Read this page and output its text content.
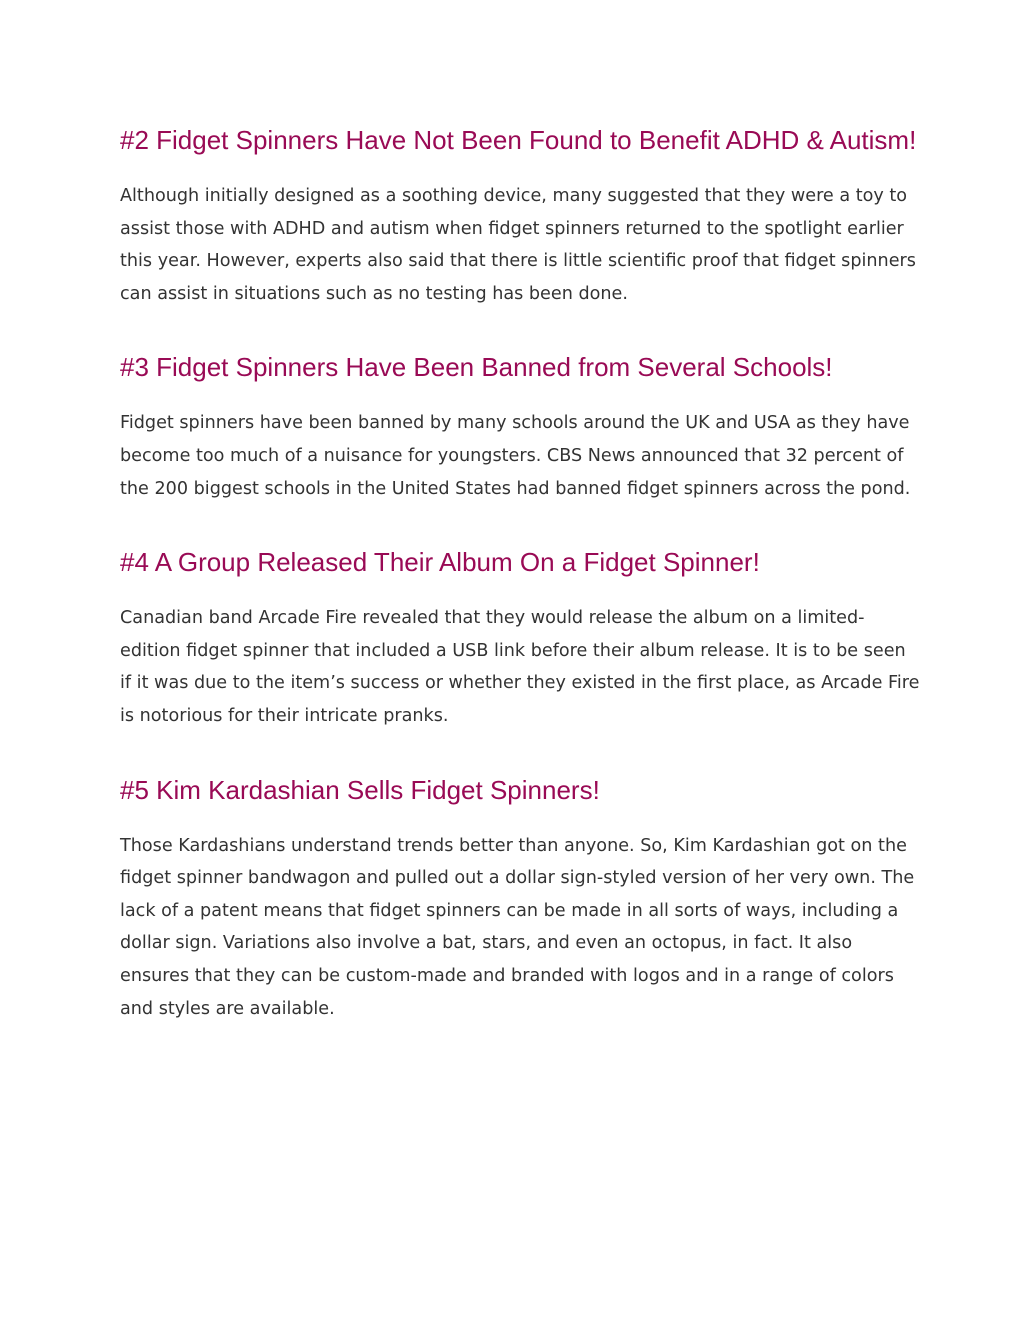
#2 Fidget Spinners Have Not Been Found to Benefit ADHD & Autism!

Although initially designed as a soothing device, many suggested that they were a toy to assist those with ADHD and autism when fidget spinners returned to the spotlight earlier this year. However, experts also said that there is little scientific proof that fidget spinners can assist in situations such as no testing has been done.

#3 Fidget Spinners Have Been Banned from Several Schools!

Fidget spinners have been banned by many schools around the UK and USA as they have become too much of a nuisance for youngsters. CBS News announced that 32 percent of the 200 biggest schools in the United States had banned fidget spinners across the pond.

#4 A Group Released Their Album On a Fidget Spinner!

Canadian band Arcade Fire revealed that they would release the album on a limited-edition fidget spinner that included a USB link before their album release. It is to be seen if it was due to the item’s success or whether they existed in the first place, as Arcade Fire is notorious for their intricate pranks.

#5 Kim Kardashian Sells Fidget Spinners!

Those Kardashians understand trends better than anyone. So, Kim Kardashian got on the fidget spinner bandwagon and pulled out a dollar sign-styled version of her very own. The lack of a patent means that fidget spinners can be made in all sorts of ways, including a dollar sign. Variations also involve a bat, stars, and even an octopus, in fact. It also ensures that they can be custom-made and branded with logos and in a range of colors and styles are available.
